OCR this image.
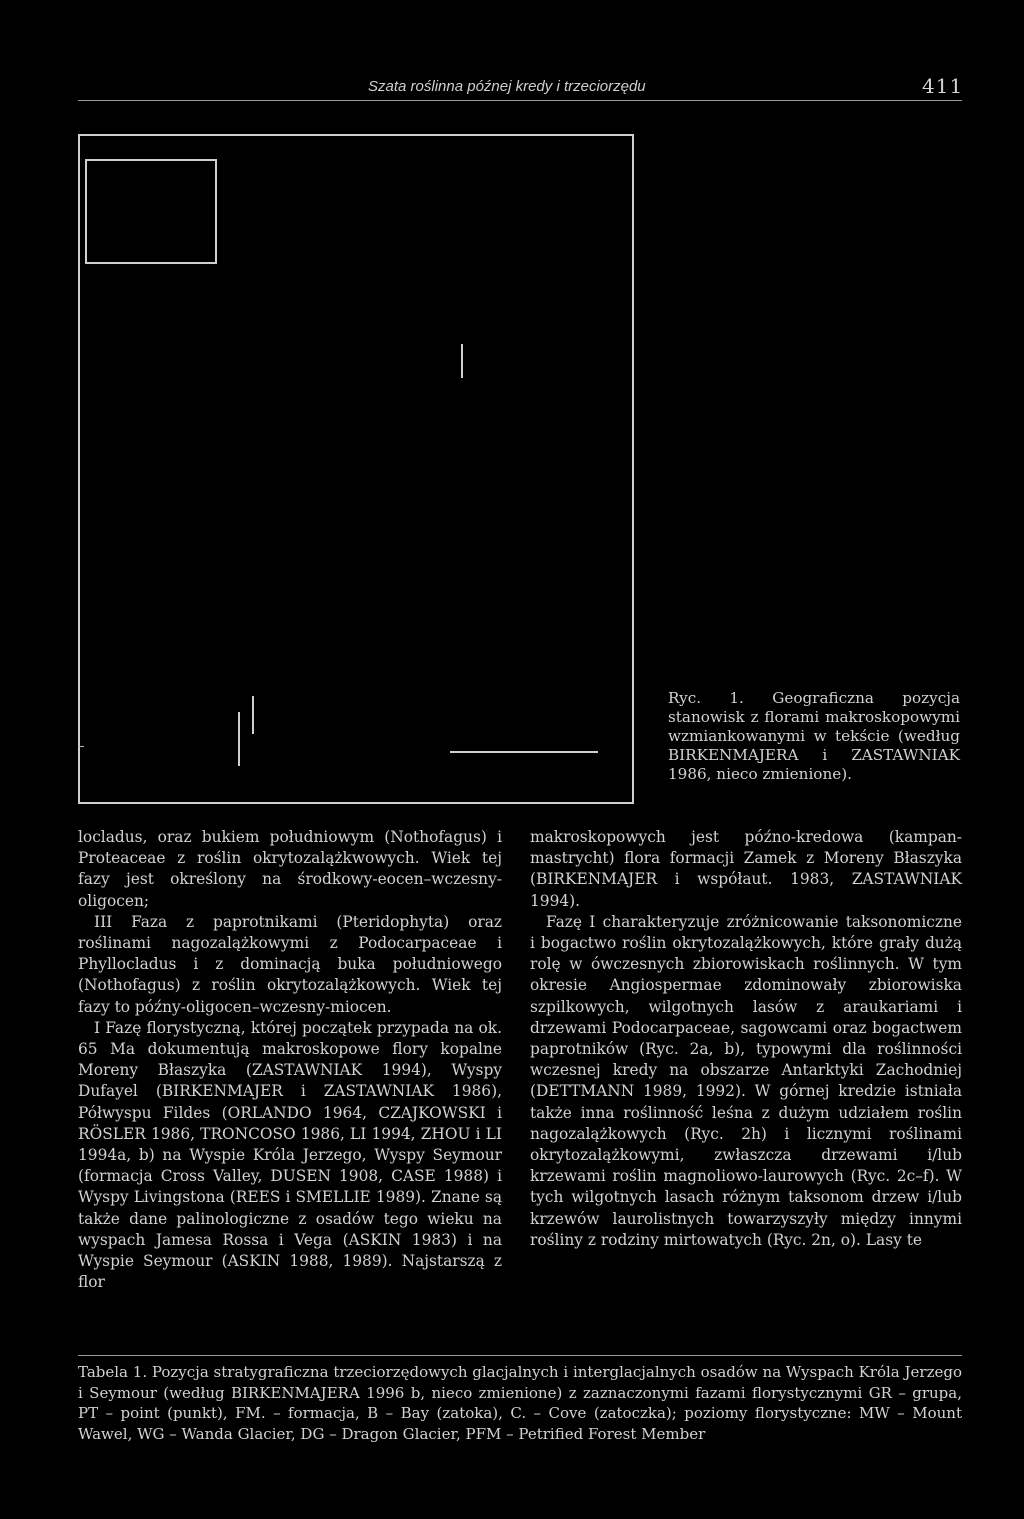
Szata roślinna późnej kredy i trzeciorzędu	411
Ryc. 1. Geograficzna pozycja stanowisk z florami makroskopowymi wzmiankowanymi w tekście (według BIRKENMAJERA i ZASTAWNIAK 1986, nieco zmienione).

locladus, oraz bukiem południowym (Nothofagus) i Proteaceae z roślin okrytozalążkwowych. Wiek tej fazy jest określony na środkowy-eocen–wczesny-oligocen;

III Faza z paprotnikami (Pteridophyta) oraz roślinami nagozalążkowymi z Podocarpaceae i Phyllocladus i z dominacją buka południowego (Nothofagus) z roślin okrytozalążkowych. Wiek tej fazy to późny-oligocen–wczesny-miocen.

I Fazę florystyczną, której początek przypada na ok. 65 Ma dokumentują makroskopowe flory kopalne Moreny Błaszyka (ZASTAWNIAK 1994), Wyspy Dufayel (BIRKENMAJER i ZASTAWNIAK 1986), Półwyspu Fildes (ORLANDO 1964, CZAJKOWSKI i RÖSLER 1986, TRONCOSO 1986, LI 1994, ZHOU i LI 1994a, b) na Wyspie Króla Jerzego, Wyspy Seymour (formacja Cross Valley, DUSEN 1908, CASE 1988) i Wyspy Livingstona (REES i SMELLIE 1989). Znane są także dane palinologiczne z osadów tego wieku na wyspach Jamesa Rossa i Vega (ASKIN 1983) i na Wyspie Seymour (ASKIN 1988, 1989). Najstarszą z flor

makroskopowych jest późno-kredowa (kampan-mastrycht) flora formacji Zamek z Moreny Błaszyka (BIRKENMAJER i współaut. 1983, ZASTAWNIAK 1994).

Fazę I charakteryzuje zróżnicowanie taksonomiczne i bogactwo roślin okrytozalążkowych, które grały dużą rolę w ówczesnych zbiorowiskach roślinnych. W tym okresie Angiospermae zdominowały zbiorowiska szpilkowych, wilgotnych lasów z araukariami i drzewami Podocarpaceae, sagowcami oraz bogactwem paprotników (Ryc. 2a, b), typowymi dla roślinności wczesnej kredy na obszarze Antarktyki Zachodniej (DETTMANN 1989, 1992). W górnej kredzie istniała także inna roślinność leśna z dużym udziałem roślin nagozalążkowych (Ryc. 2h) i licznymi roślinami okrytozalążkowymi, zwłaszcza drzewami i/lub krzewami roślin magnoliowo-laurowych (Ryc. 2c–f). W tych wilgotnych lasach różnym taksonom drzew i/lub krzewów laurolistnych towarzyszyły między innymi rośliny z rodziny mirtowatych (Ryc. 2n, o). Lasy te

Tabela 1. Pozycja stratygraficzna trzeciorzędowych glacjalnych i interglacjalnych osadów na Wyspach Króla Jerzego i Seymour (według BIRKENMAJERA 1996 b, nieco zmienione) z zaznaczonymi fazami florystycznymi GR – grupa, PT – point (punkt), FM. – formacja, B – Bay (zatoka), C. – Cove (zatoczka); poziomy florystyczne: MW – Mount Wawel, WG – Wanda Glacier, DG – Dragon Glacier, PFM – Petrified Forest Member
